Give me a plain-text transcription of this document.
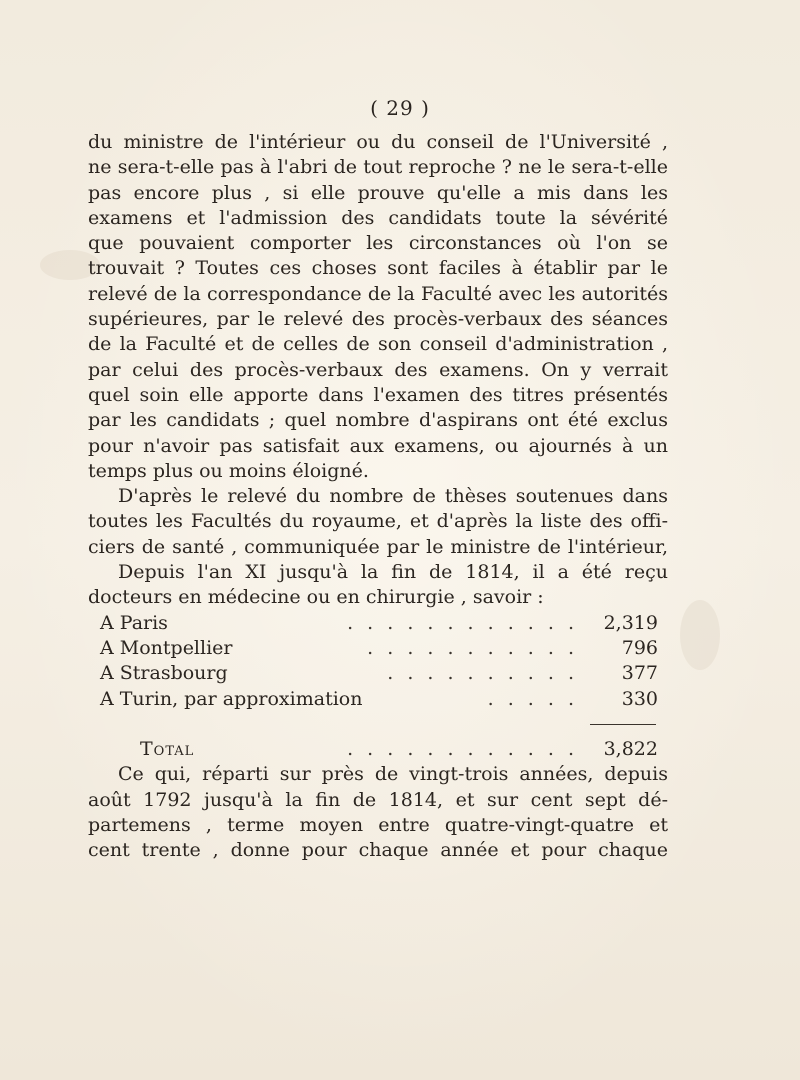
( 29 )
du ministre de l'intérieur ou du conseil de l'Université ,
ne sera-t-elle pas à l'abri de tout reproche ? ne le sera-t-elle
pas encore plus , si elle prouve qu'elle a mis dans les
examens et l'admission des candidats toute la sévérité
que pouvaient comporter les circonstances où l'on se
trouvait ? Toutes ces choses sont faciles à établir par le
relevé de la correspondance de la Faculté avec les autorités
supérieures, par le relevé des procès-verbaux des séances
de la Faculté et de celles de son conseil d'administration ,
par celui des procès-verbaux des examens. On y verrait
quel soin elle apporte dans l'examen des titres présentés
par les candidats ; quel nombre d'aspirans ont été exclus
pour n'avoir pas satisfait aux examens, ou ajournés à un
temps plus ou moins éloigné.
D'après le relevé du nombre de thèses soutenues dans
toutes les Facultés du royaume, et d'après la liste des offi-
ciers de santé , communiquée par le ministre de l'intérieur,
Depuis l'an XI jusqu'à la fin de 1814, il a été reçu
docteurs en médecine ou en chirurgie , savoir :
. . . . . . . . . . . .
A Paris	2,319
. . . . . . . . . . .
A Montpellier	796
. . . . . . . . . .
A Strasbourg	377
. . . . .
A Turin, par approximation	330
. . . . . . . . . . . .
Total	3,822
Ce qui, réparti sur près de vingt-trois années, depuis
août 1792 jusqu'à la fin de 1814, et sur cent sept dé-
partemens , terme moyen entre quatre-vingt-quatre et
cent trente , donne pour chaque année et pour chaque
